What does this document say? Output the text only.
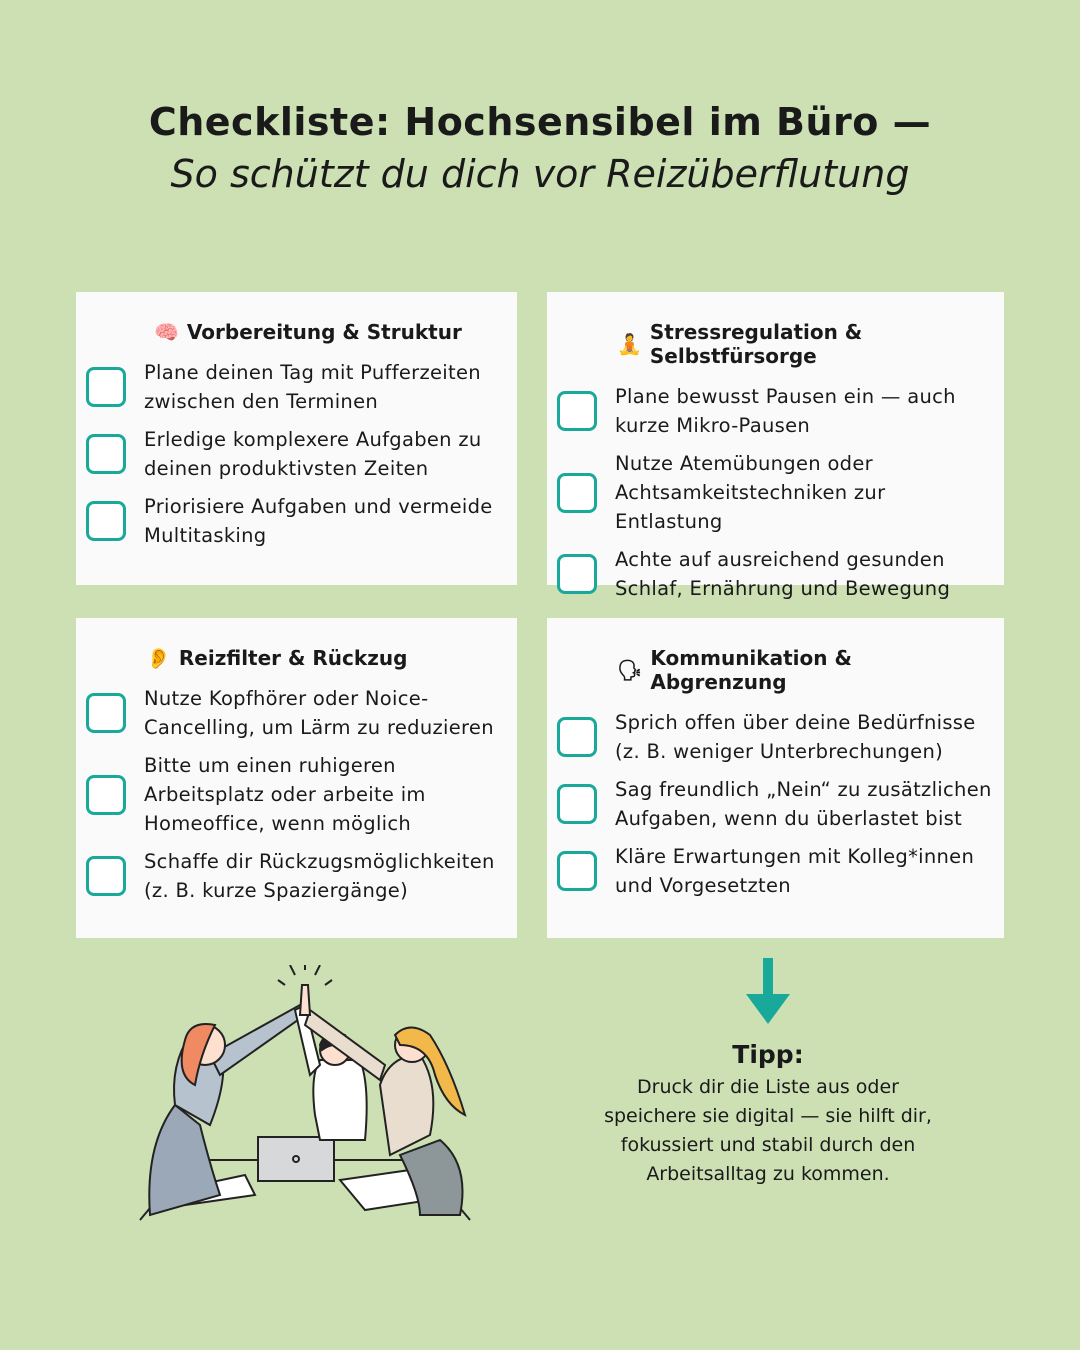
Checkliste: Hochsensibel im Büro —
So schützt du dich vor Reizüberflutung
🧠 Vorbereitung & Struktur
Plane deinen Tag mit Pufferzeiten zwischen den Terminen
Erledige komplexere Aufgaben zu deinen produktivsten Zeiten
Priorisiere Aufgaben und vermeide Multitasking
🧘 Stressregulation & Selbstfürsorge
Plane bewusst Pausen ein — auch kurze Mikro-Pausen
Nutze Atemübungen oder Achtsamkeitstechniken zur Entlastung
Achte auf ausreichend gesunden Schlaf, Ernährung und Bewegung
👂 Reizfilter & Rückzug
Nutze Kopfhörer oder Noice-Cancelling, um Lärm zu reduzieren
Bitte um einen ruhigeren Arbeitsplatz oder arbeite im Homeoffice, wenn möglich
Schaffe dir Rückzugsmöglichkeiten (z. B. kurze Spaziergänge)
🗣 Kommunikation & Abgrenzung
Sprich offen über deine Bedürfnisse (z. B. weniger Unterbrechungen)
Sag freundlich „Nein“ zu zusätzlichen Aufgaben, wenn du überlastet bist
Kläre Erwartungen mit Kolleg*innen und Vorgesetzten
Tipp:

Druck dir die Liste aus oder speichere sie digital — sie hilft dir, fokussiert und stabil durch den Arbeitsalltag zu kommen.
